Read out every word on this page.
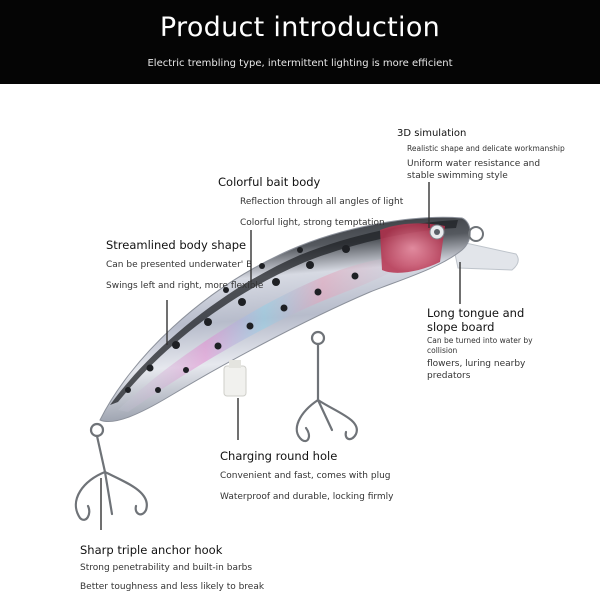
Product introduction
Electric trembling type, intermittent lighting is more efficient
3D simulation
Realistic shape and delicate workmanship
Uniform water resistance and
stable swimming style
Colorful bait body
Reflection through all angles of light
Colorful light, strong temptation
Streamlined body shape
Can be presented underwater' B
Swings left and right, more flexible
Long tongue and
slope board
Can be turned into water by
collision
flowers, luring nearby
predators
Charging round hole
Convenient and fast, comes with plug
Waterproof and durable, locking firmly
Sharp triple anchor hook
Strong penetrability and built-in barbs
Better toughness and less likely to break
